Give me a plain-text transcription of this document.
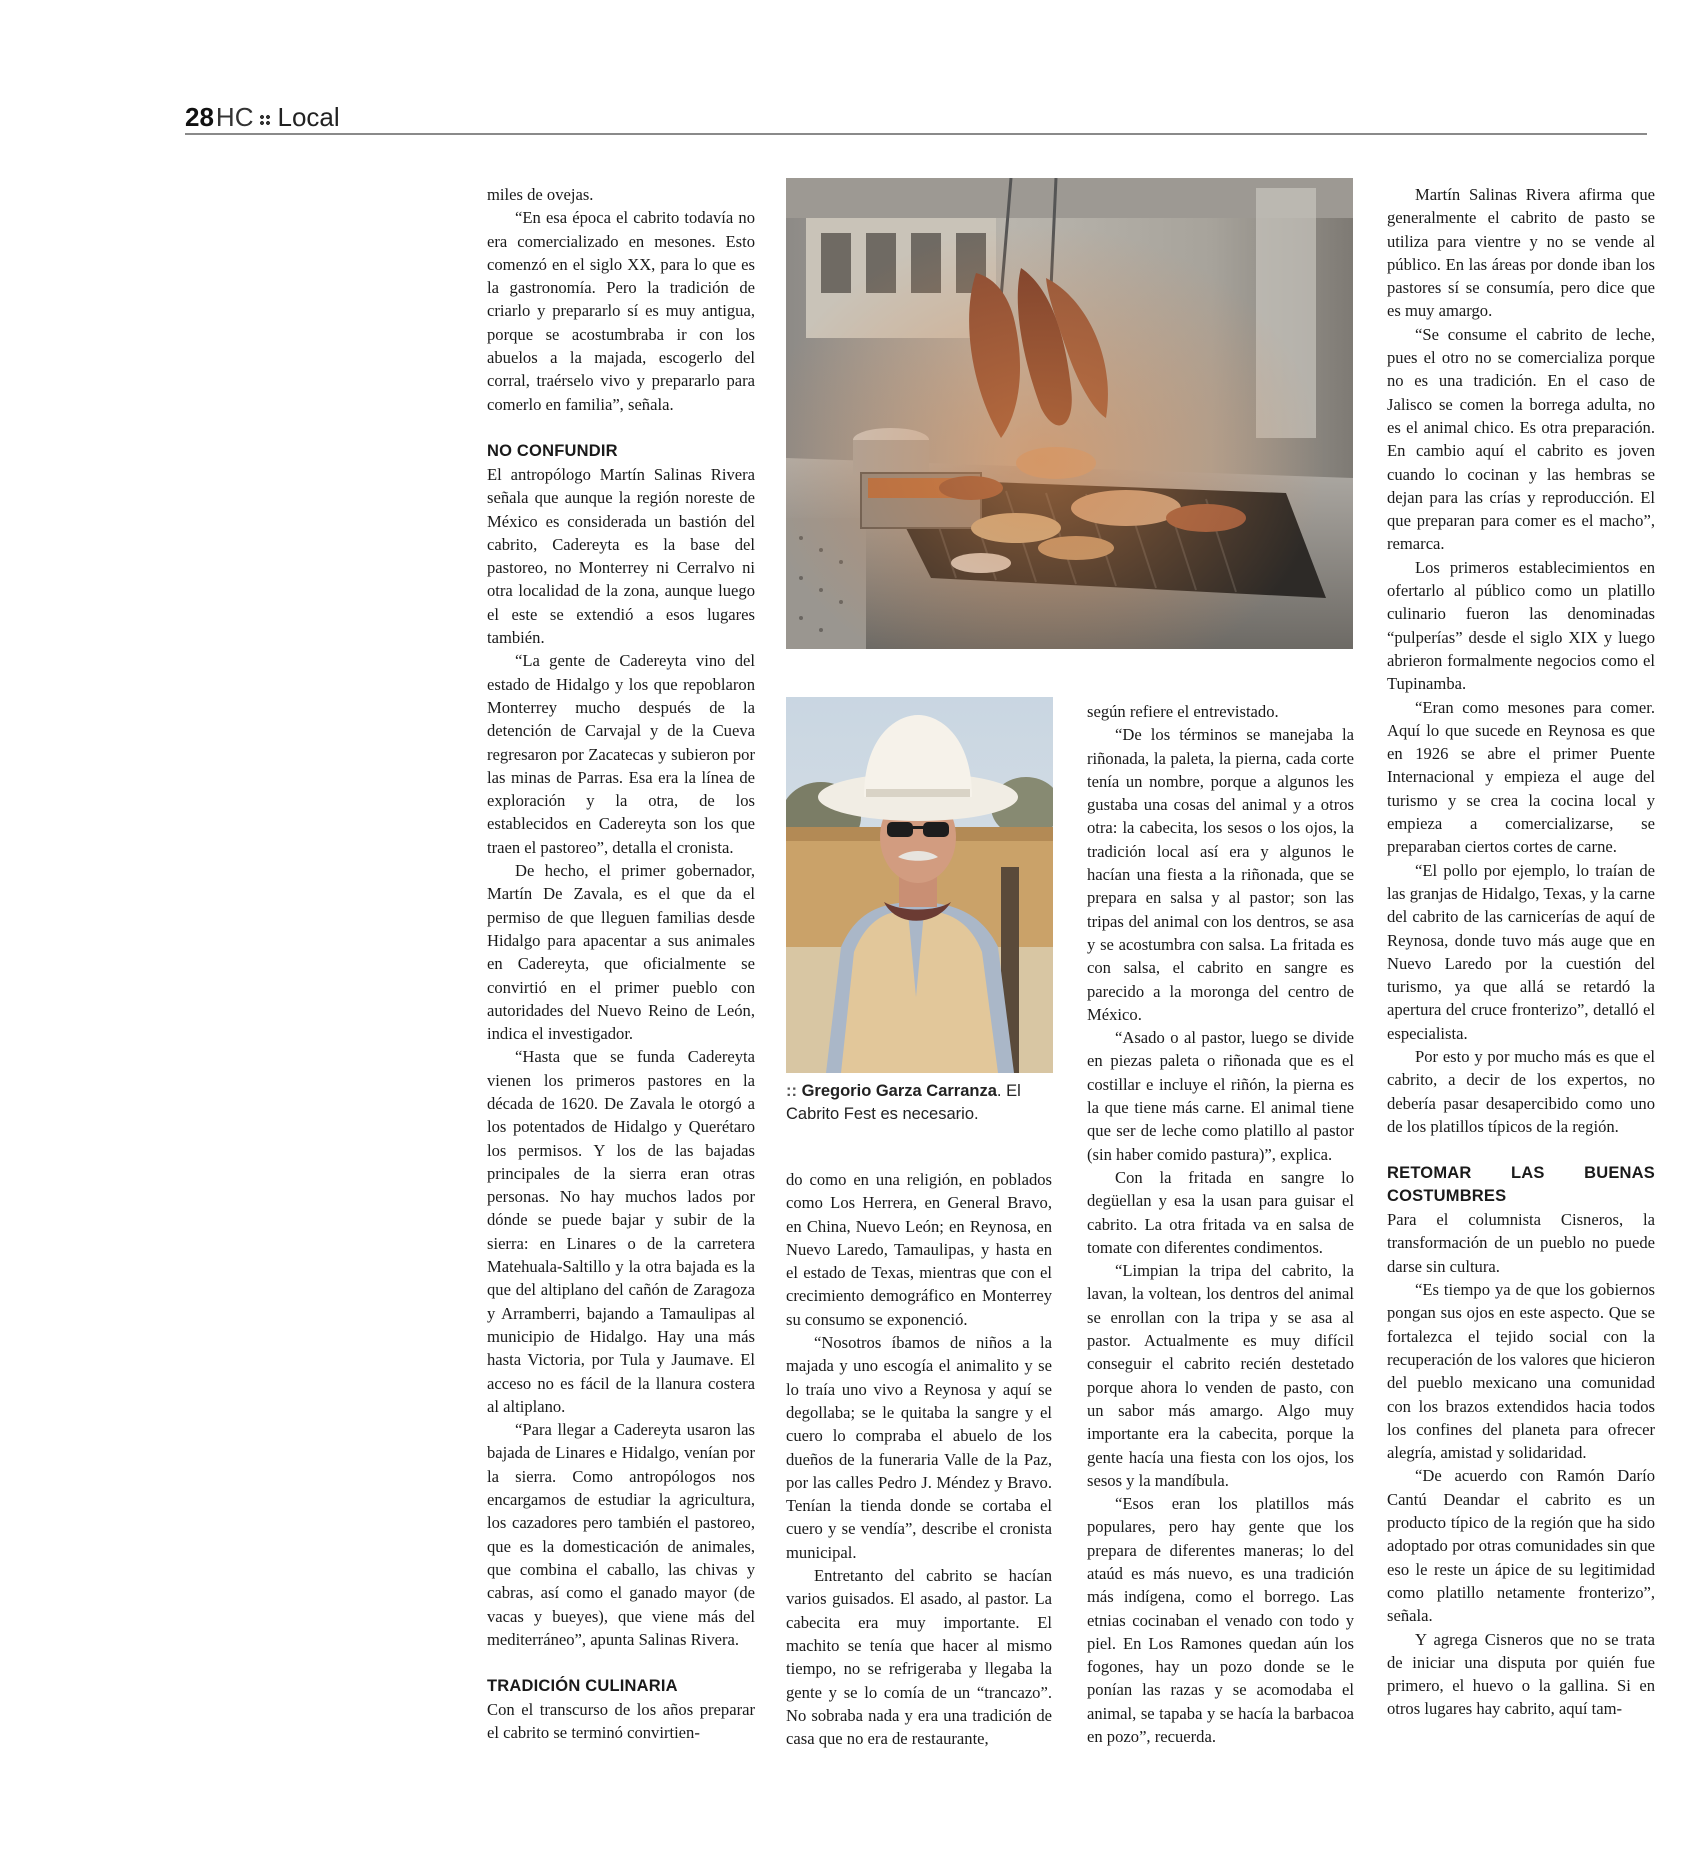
28 HC Local

miles de ovejas.

“En esa época el cabrito todavía no era comercializado en mesones. Esto comenzó en el siglo XX, para lo que es la gastronomía. Pero la tradición de criarlo y prepararlo sí es muy antigua, porque se acostumbraba ir con los abuelos a la majada, escogerlo del corral, traérselo vivo y prepararlo para comerlo en familia”, señala.

NO CONFUNDIR

El antropólogo Martín Salinas Rivera señala que aunque la región noreste de México es considerada un bastión del cabrito, Cadereyta es la base del pastoreo, no Monterrey ni Cerralvo ni otra localidad de la zona, aunque luego el este se extendió a esos lugares también.

“La gente de Cadereyta vino del estado de Hidalgo y los que repoblaron Monterrey mucho después de la detención de Carvajal y de la Cueva regresaron por Zacatecas y subieron por las minas de Parras. Esa era la línea de exploración y la otra, de los establecidos en Cadereyta son los que traen el pastoreo”, detalla el cronista.

De hecho, el primer gobernador, Martín De Zavala, es el que da el permiso de que lleguen familias desde Hidalgo para apacentar a sus animales en Cadereyta, que oficialmente se convirtió en el primer pueblo con autoridades del Nuevo Reino de León, indica el investigador.

“Hasta que se funda Cadereyta vienen los primeros pastores en la década de 1620. De Zavala le otorgó a los potentados de Hidalgo y Querétaro los permisos. Y los de las bajadas principales de la sierra eran otras personas. No hay muchos lados por dónde se puede bajar y subir de la sierra: en Linares o de la carretera Matehuala-Saltillo y la otra bajada es la que del altiplano del cañón de Zaragoza y Arramberri, bajando a Tamaulipas al municipio de Hidalgo. Hay una más hasta Victoria, por Tula y Jaumave. El acceso no es fácil de la llanura costera al altiplano.

“Para llegar a Cadereyta usaron las bajada de Linares e Hidalgo, venían por la sierra. Como antropólogos nos encargamos de estudiar la agricultura, los cazadores pero también el pastoreo, que es la domesticación de animales, que combina el caballo, las chivas y cabras, así como el ganado mayor (de vacas y bueyes), que viene más del mediterráneo”, apunta Salinas Rivera.

TRADICIÓN CULINARIA

Con el transcurso de los años preparar el cabrito se terminó convirtien-

:: Gregorio Garza Carranza. El Cabrito Fest es necesario.

do como en una religión, en poblados como Los Herrera, en General Bravo, en China, Nuevo León; en Reynosa, en Nuevo Laredo, Tamaulipas, y hasta en el estado de Texas, mientras que con el crecimiento demográfico en Monterrey su consumo se exponenció.

“Nosotros íbamos de niños a la majada y uno escogía el animalito y se lo traía uno vivo a Reynosa y aquí se degollaba; se le quitaba la sangre y el cuero lo compraba el abuelo de los dueños de la funeraria Valle de la Paz, por las calles Pedro J. Méndez y Bravo. Tenían la tienda donde se cortaba el cuero y se vendía”, describe el cronista municipal.

Entretanto del cabrito se hacían varios guisados. El asado, al pastor. La cabecita era muy importante. El machito se tenía que hacer al mismo tiempo, no se refrigeraba y llegaba la gente y se lo comía de un “trancazo”. No sobraba nada y era una tradición de casa que no era de restaurante,

según refiere el entrevistado.

“De los términos se manejaba la riñonada, la paleta, la pierna, cada corte tenía un nombre, porque a algunos les gustaba una cosas del animal y a otros otra: la cabecita, los sesos o los ojos, la tradición local así era y algunos le hacían una fiesta a la riñonada, que se prepara en salsa y al pastor; son las tripas del animal con los dentros, se asa y se acostumbra con salsa. La fritada es con salsa, el cabrito en sangre es parecido a la moronga del centro de México.

“Asado o al pastor, luego se divide en piezas paleta o riñonada que es el costillar e incluye el riñón, la pierna es la que tiene más carne. El animal tiene que ser de leche como platillo al pastor (sin haber comido pastura)”, explica.

Con la fritada en sangre lo degüellan y esa la usan para guisar el cabrito. La otra fritada va en salsa de tomate con diferentes condimentos.

“Limpian la tripa del cabrito, la lavan, la voltean, los dentros del animal se enrollan con la tripa y se asa al pastor. Actualmente es muy difícil conseguir el cabrito recién destetado porque ahora lo venden de pasto, con un sabor más amargo. Algo muy importante era la cabecita, porque la gente hacía una fiesta con los ojos, los sesos y la mandíbula.

“Esos eran los platillos más populares, pero hay gente que los prepara de diferentes maneras; lo del ataúd es más nuevo, es una tradición más indígena, como el borrego. Las etnias cocinaban el venado con todo y piel. En Los Ramones quedan aún los fogones, hay un pozo donde se le ponían las razas y se acomodaba el animal, se tapaba y se hacía la barbacoa en pozo”, recuerda.

Martín Salinas Rivera afirma que generalmente el cabrito de pasto se utiliza para vientre y no se vende al público. En las áreas por donde iban los pastores sí se consumía, pero dice que es muy amargo.

“Se consume el cabrito de leche, pues el otro no se comercializa porque no es una tradición. En el caso de Jalisco se comen la borrega adulta, no es el animal chico. Es otra preparación. En cambio aquí el cabrito es joven cuando lo cocinan y las hembras se dejan para las crías y reproducción. El que preparan para comer es el macho”, remarca.

Los primeros establecimientos en ofertarlo al público como un platillo culinario fueron las denominadas “pulperías” desde el siglo XIX y luego abrieron formalmente negocios como el Tupinamba.

“Eran como mesones para comer. Aquí lo que sucede en Reynosa es que en 1926 se abre el primer Puente Internacional y empieza el auge del turismo y se crea la cocina local y empieza a comercializarse, se preparaban ciertos cortes de carne.

“El pollo por ejemplo, lo traían de las granjas de Hidalgo, Texas, y la carne del cabrito de las carnicerías de aquí de Reynosa, donde tuvo más auge que en Nuevo Laredo por la cuestión del turismo, ya que allá se retardó la apertura del cruce fronterizo”, detalló el especialista.

Por esto y por mucho más es que el cabrito, a decir de los expertos, no debería pasar desapercibido como uno de los platillos típicos de la región.

RETOMAR LAS BUENAS COSTUMBRES

Para el columnista Cisneros, la transformación de un pueblo no puede darse sin cultura.

“Es tiempo ya de que los gobiernos pongan sus ojos en este aspecto. Que se fortalezca el tejido social con la recuperación de los valores que hicieron del pueblo mexicano una comunidad con los brazos extendidos hacia todos los confines del planeta para ofrecer alegría, amistad y solidaridad.

“De acuerdo con Ramón Darío Cantú Deandar el cabrito es un producto típico de la región que ha sido adoptado por otras comunidades sin que eso le reste un ápice de su legitimidad como platillo netamente fronterizo”, señala.

Y agrega Cisneros que no se trata de iniciar una disputa por quién fue primero, el huevo o la gallina. Si en otros lugares hay cabrito, aquí tam-
